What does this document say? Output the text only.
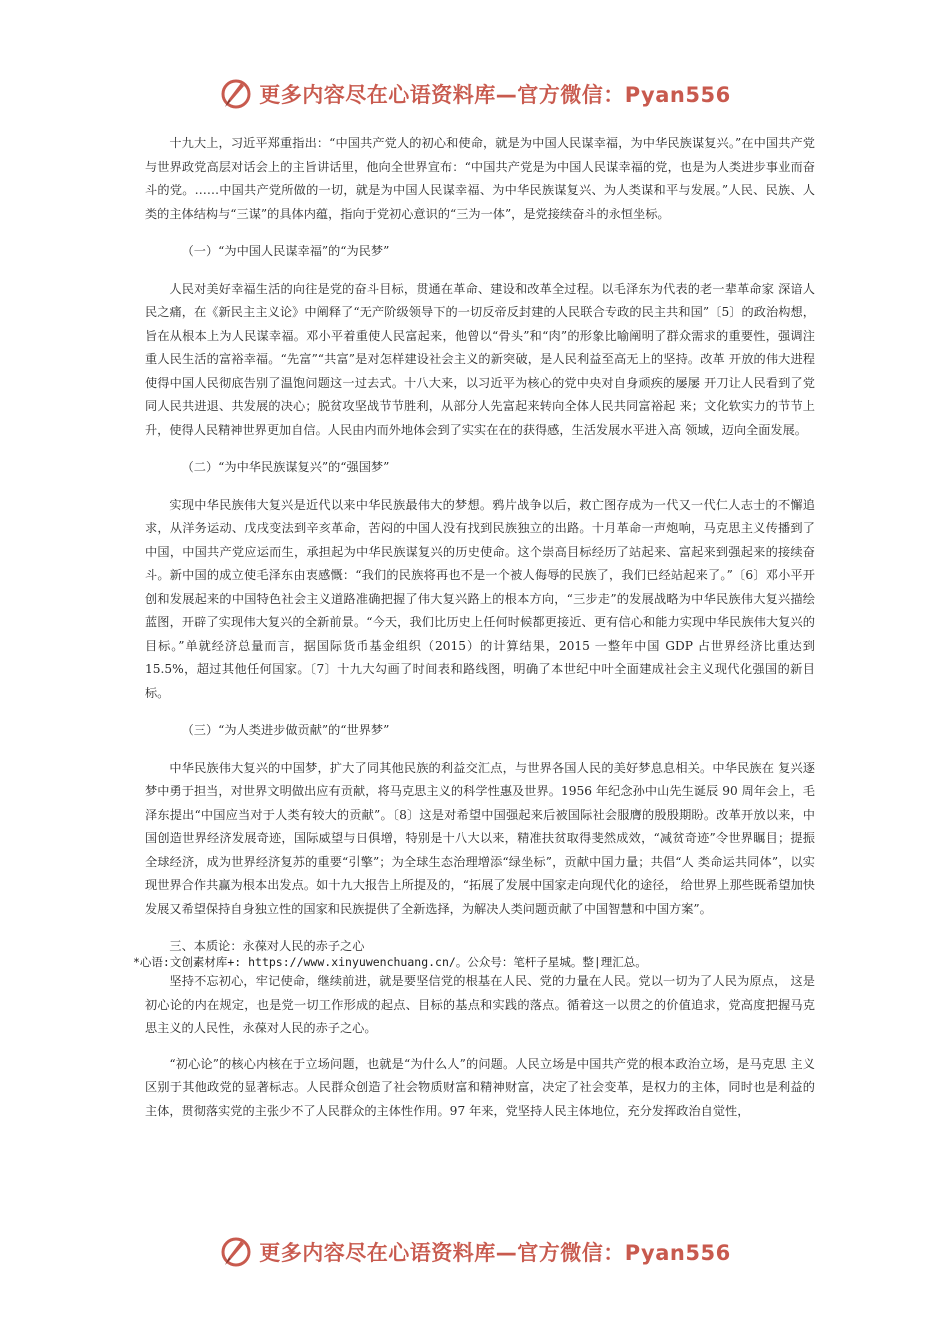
更多内容尽在心语资料库—官方微信：Pyan556

十九大上，习近平郑重指出：“中国共产党人的初心和使命，就是为中国人民谋幸福，为中华民族谋复兴。”在中国共产党与世界政党高层对话会上的主旨讲话里，他向全世界宣布：“中国共产党是为中国人民谋幸福的党，也是为人类进步事业而奋斗的党。……中国共产党所做的一切，就是为中国人民谋幸福、为中华民族谋复兴、为人类谋和平与发展。”人民、民族、人类的主体结构与“三谋”的具体内蕴，指向于党初心意识的“三为一体”，是党接续奋斗的永恒坐标。

（一）“为中国人民谋幸福”的“为民梦”

人民对美好幸福生活的向往是党的奋斗目标，贯通在革命、建设和改革全过程。以毛泽东为代表的老一辈革命家 深谙人民之痛，在《新民主主义论》中阐释了“无产阶级领导下的一切反帝反封建的人民联合专政的民主共和国”〔5〕的政治构想，旨在从根本上为人民谋幸福。邓小平着重使人民富起来，他曾以“骨头”和“肉”的形象比喻阐明了群众需求的重要性，强调注重人民生活的富裕幸福。“先富”“共富”是对怎样建设社会主义的新突破，是人民利益至高无上的坚持。改革 开放的伟大进程使得中国人民彻底告别了温饱问题这一过去式。十八大来，以习近平为核心的党中央对自身顽疾的屡屡 开刀让人民看到了党同人民共进退、共发展的决心；脱贫攻坚战节节胜利，从部分人先富起来转向全体人民共同富裕起 来；文化软实力的节节上升，使得人民精神世界更加自信。人民由内而外地体会到了实实在在的获得感，生活发展水平进入高 领域，迈向全面发展。

（二）“为中华民族谋复兴”的“强国梦”

实现中华民族伟大复兴是近代以来中华民族最伟大的梦想。鸦片战争以后，救亡图存成为一代又一代仁人志士的不懈追求，从洋务运动、戊戌变法到辛亥革命，苦闷的中国人没有找到民族独立的出路。十月革命一声炮响，马克思主义传播到了中国，中国共产党应运而生，承担起为中华民族谋复兴的历史使命。这个崇高目标经历了站起来、富起来到强起来的接续奋斗。新中国的成立使毛泽东由衷感慨：“我们的民族将再也不是一个被人侮辱的民族了，我们已经站起来了。”〔6〕邓小平开创和发展起来的中国特色社会主义道路准确把握了伟大复兴路上的根本方向，“三步走”的发展战略为中华民族伟大复兴描绘蓝图，开辟了实现伟大复兴的全新前景。“今天，我们比历史上任何时候都更接近、更有信心和能力实现中华民族伟大复兴的目标。”单就经济总量而言，据国际货币基金组织（2015）的计算结果，2015 一整年中国 GDP 占世界经济比重达到 15.5%，超过其他任何国家。〔7〕十九大勾画了时间表和路线图，明确了本世纪中叶全面建成社会主义现代化强国的新目标。

（三）“为人类进步做贡献”的“世界梦”

中华民族伟大复兴的中国梦，扩大了同其他民族的利益交汇点，与世界各国人民的美好梦息息相关。中华民族在 复兴逐梦中勇于担当，对世界文明做出应有贡献，将马克思主义的科学性惠及世界。1956 年纪念孙中山先生诞辰 90 周年会上，毛泽东提出“中国应当对于人类有较大的贡献”。〔8〕这是对希望中国强起来后被国际社会服膺的殷殷期盼。改革开放以来，中国创造世界经济发展奇迹，国际威望与日俱增，特别是十八大以来，精准扶贫取得斐然成效，“减贫奇迹”令世界瞩目；提振全球经济，成为世界经济复苏的重要“引擎”；为全球生态治理增添“绿坐标”，贡献中国力量；共倡“人 类命运共同体”，以实现世界合作共赢为根本出发点。如十九大报告上所提及的，“拓展了发展中国家走向现代化的途径， 给世界上那些既希望加快发展又希望保持自身独立性的国家和民族提供了全新选择，为解决人类问题贡献了中国智慧和中国方案”。

三、本质论：永葆对人民的赤子之心
*心语:文创素材库+: https://www.xinyuwenchuang.cn/。公众号：笔杆子星城。整|理汇总。

坚持不忘初心，牢记使命，继续前进，就是要坚信党的根基在人民、党的力量在人民。党以一切为了人民为原点， 这是初心论的内在规定，也是党一切工作形成的起点、目标的基点和实践的落点。循着这一以贯之的价值追求，党高度把握马克思主义的人民性，永葆对人民的赤子之心。

“初心论”的核心内核在于立场问题，也就是“为什么人”的问题。人民立场是中国共产党的根本政治立场，是马克思 主义区别于其他政党的显著标志。人民群众创造了社会物质财富和精神财富，决定了社会变革，是权力的主体，同时也是利益的主体，贯彻落实党的主张少不了人民群众的主体性作用。97 年来，党坚持人民主体地位，充分发挥政治自觉性，

更多内容尽在心语资料库—官方微信：Pyan556
